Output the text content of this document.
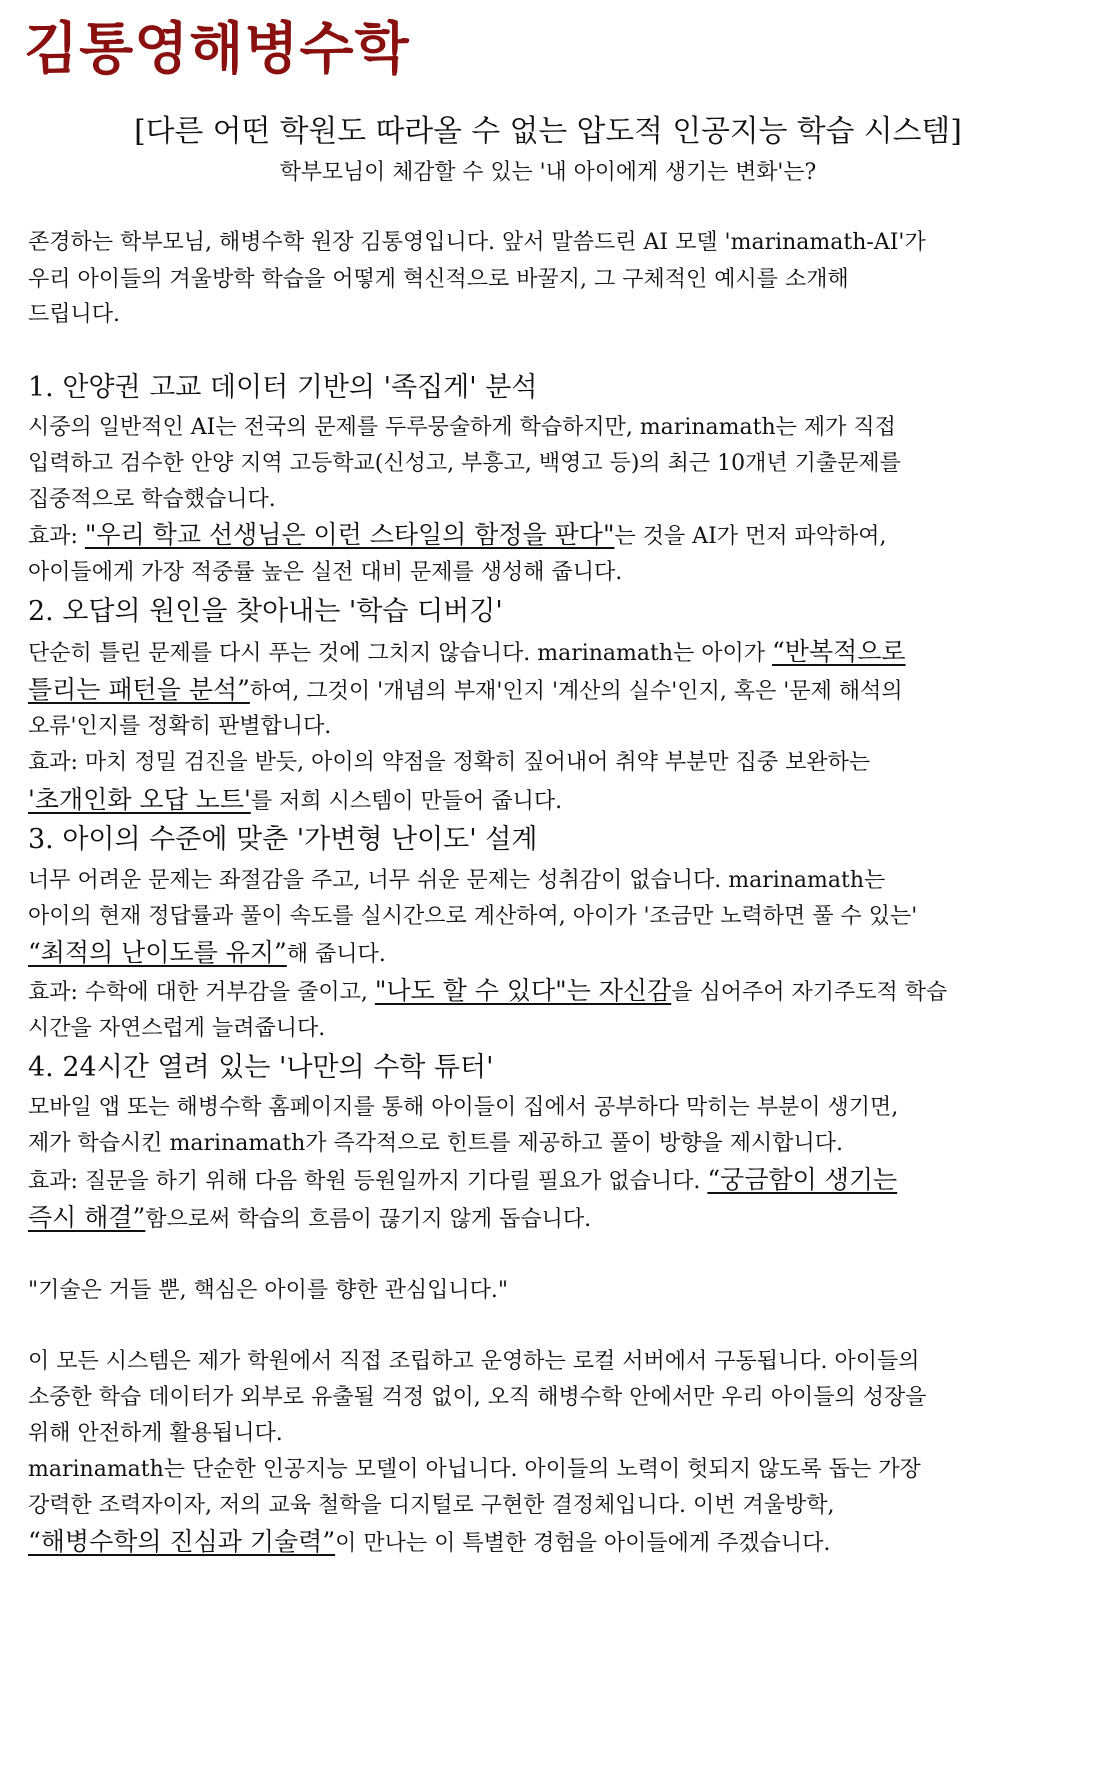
김통영해병수학
[다른 어떤 학원도 따라올 수 없는 압도적 인공지능 학습 시스템]
학부모님이 체감할 수 있는 '내 아이에게 생기는 변화'는?
존경하는 학부모님, 해병수학 원장 김통영입니다. 앞서 말씀드린 AI 모델 'marinamath-AI'가
우리 아이들의 겨울방학 학습을 어떻게 혁신적으로 바꿀지, 그 구체적인 예시를 소개해
드립니다.
1. 안양권 고교 데이터 기반의 '족집게' 분석
시중의 일반적인 AI는 전국의 문제를 두루뭉술하게 학습하지만, marinamath는 제가 직접
입력하고 검수한 안양 지역 고등학교(신성고, 부흥고, 백영고 등)의 최근 10개년 기출문제를
집중적으로 학습했습니다.
효과: "우리 학교 선생님은 이런 스타일의 함정을 판다"는 것을 AI가 먼저 파악하여,
아이들에게 가장 적중률 높은 실전 대비 문제를 생성해 줍니다.
2. 오답의 원인을 찾아내는 '학습 디버깅'
단순히 틀린 문제를 다시 푸는 것에 그치지 않습니다. marinamath는 아이가 “반복적으로
틀리는 패턴을 분석”하여, 그것이 '개념의 부재'인지 '계산의 실수'인지, 혹은 '문제 해석의
오류'인지를 정확히 판별합니다.
효과: 마치 정밀 검진을 받듯, 아이의 약점을 정확히 짚어내어 취약 부분만 집중 보완하는
'초개인화 오답 노트'를 저희 시스템이 만들어 줍니다.
3. 아이의 수준에 맞춘 '가변형 난이도' 설계
너무 어려운 문제는 좌절감을 주고, 너무 쉬운 문제는 성취감이 없습니다. marinamath는
아이의 현재 정답률과 풀이 속도를 실시간으로 계산하여, 아이가 '조금만 노력하면 풀 수 있는'
“최적의 난이도를 유지”해 줍니다.
효과: 수학에 대한 거부감을 줄이고, "나도 할 수 있다"는 자신감을 심어주어 자기주도적 학습
시간을 자연스럽게 늘려줍니다.
4. 24시간 열려 있는 '나만의 수학 튜터'
모바일 앱 또는 해병수학 홈페이지를 통해 아이들이 집에서 공부하다 막히는 부분이 생기면,
제가 학습시킨 marinamath가 즉각적으로 힌트를 제공하고 풀이 방향을 제시합니다.
효과: 질문을 하기 위해 다음 학원 등원일까지 기다릴 필요가 없습니다. “궁금함이 생기는
즉시 해결”함으로써 학습의 흐름이 끊기지 않게 돕습니다.
"기술은 거들 뿐, 핵심은 아이를 향한 관심입니다."
이 모든 시스템은 제가 학원에서 직접 조립하고 운영하는 로컬 서버에서 구동됩니다. 아이들의
소중한 학습 데이터가 외부로 유출될 걱정 없이, 오직 해병수학 안에서만 우리 아이들의 성장을
위해 안전하게 활용됩니다.
marinamath는 단순한 인공지능 모델이 아닙니다. 아이들의 노력이 헛되지 않도록 돕는 가장
강력한 조력자이자, 저의 교육 철학을 디지털로 구현한 결정체입니다. 이번 겨울방학,
“해병수학의 진심과 기술력”이 만나는 이 특별한 경험을 아이들에게 주겠습니다.
